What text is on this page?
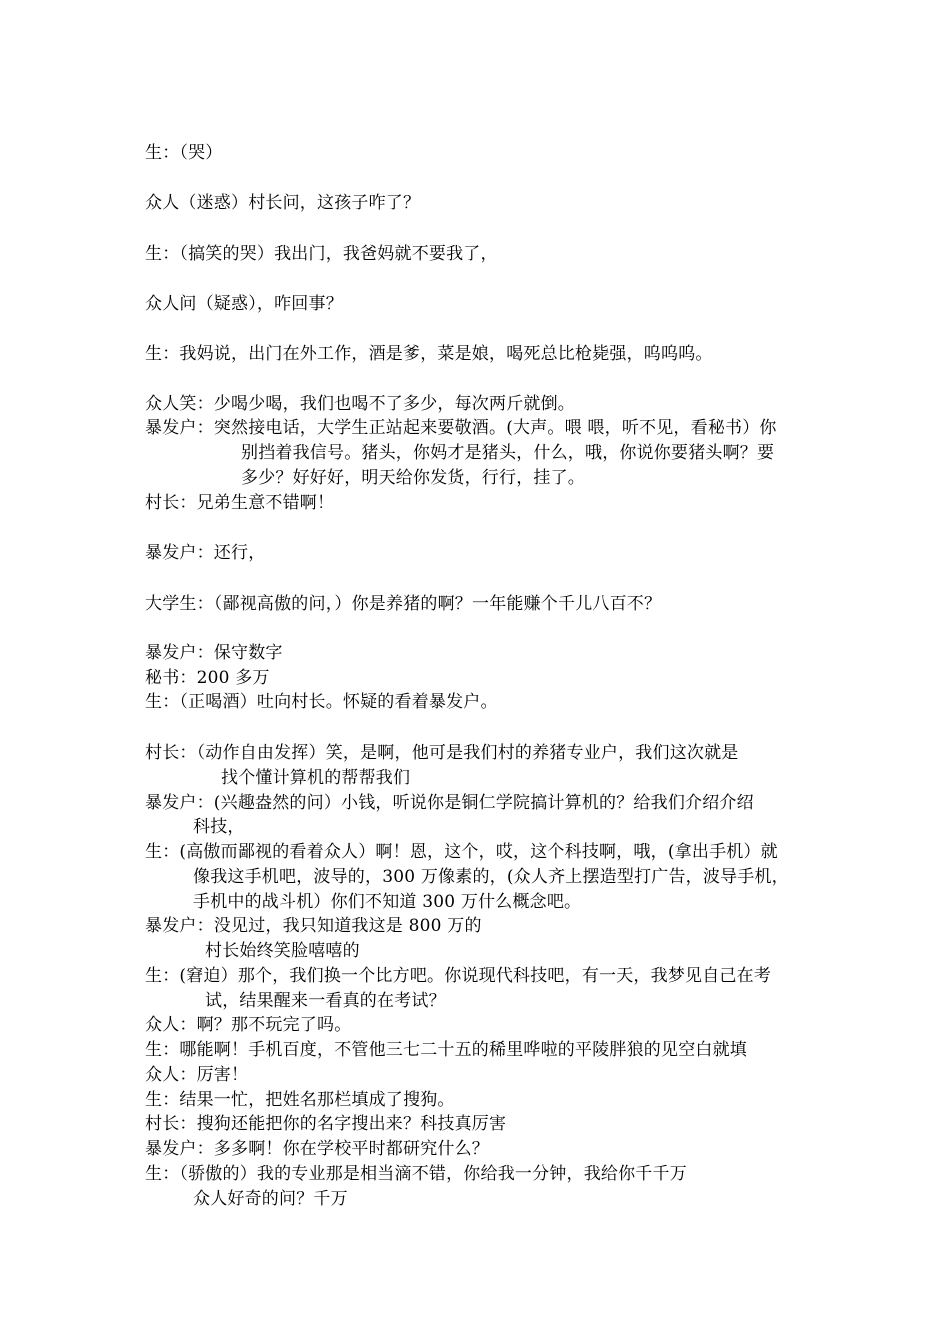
生：（哭）
众人（迷惑）村长问，这孩子咋了？
生：（搞笑的哭）我出门，我爸妈就不要我了，
众人问（疑惑），咋回事？
生：我妈说，出门在外工作，酒是爹，菜是娘，喝死总比枪毙强，呜呜呜。
众人笑：少喝少喝，我们也喝不了多少，每次两斤就倒。
暴发户：突然接电话，大学生正站起来要敬酒。(大声。喂 喂，听不见，看秘书）你
别挡着我信号。猪头，你妈才是猪头，什么，哦，你说你要猪头啊？要
多少？好好好，明天给你发货，行行，挂了。
村长：兄弟生意不错啊！
暴发户：还行，
大学生：（鄙视高傲的问，）你是养猪的啊？一年能赚个千儿八百不？
暴发户：保守数字
秘书：200 多万
生：（正喝酒）吐向村长。怀疑的看着暴发户。
村长：（动作自由发挥）笑，是啊，他可是我们村的养猪专业户，我们这次就是
找个懂计算机的帮帮我们
暴发户：(兴趣盎然的问）小钱，听说你是铜仁学院搞计算机的？给我们介绍介绍
科技，
生：(高傲而鄙视的看着众人）啊！恩，这个，哎，这个科技啊，哦，(拿出手机）就
像我这手机吧，波导的，300 万像素的，(众人齐上摆造型打广告，波导手机，
手机中的战斗机）你们不知道 300 万什么概念吧。
暴发户：没见过，我只知道我这是 800 万的
村长始终笑脸嘻嘻的
生：(窘迫）那个，我们换一个比方吧。你说现代科技吧，有一天，我梦见自己在考
试，结果醒来一看真的在考试？
众人：啊？那不玩完了吗。
生：哪能啊！手机百度，不管他三七二十五的稀里哗啦的平陵胖狼的见空白就填
众人：厉害！
生：结果一忙，把姓名那栏填成了搜狗。
村长：搜狗还能把你的名字搜出来？科技真厉害
暴发户：多多啊！你在学校平时都研究什么？
生：（骄傲的）我的专业那是相当滴不错，你给我一分钟，我给你千千万
众人好奇的问？千万
